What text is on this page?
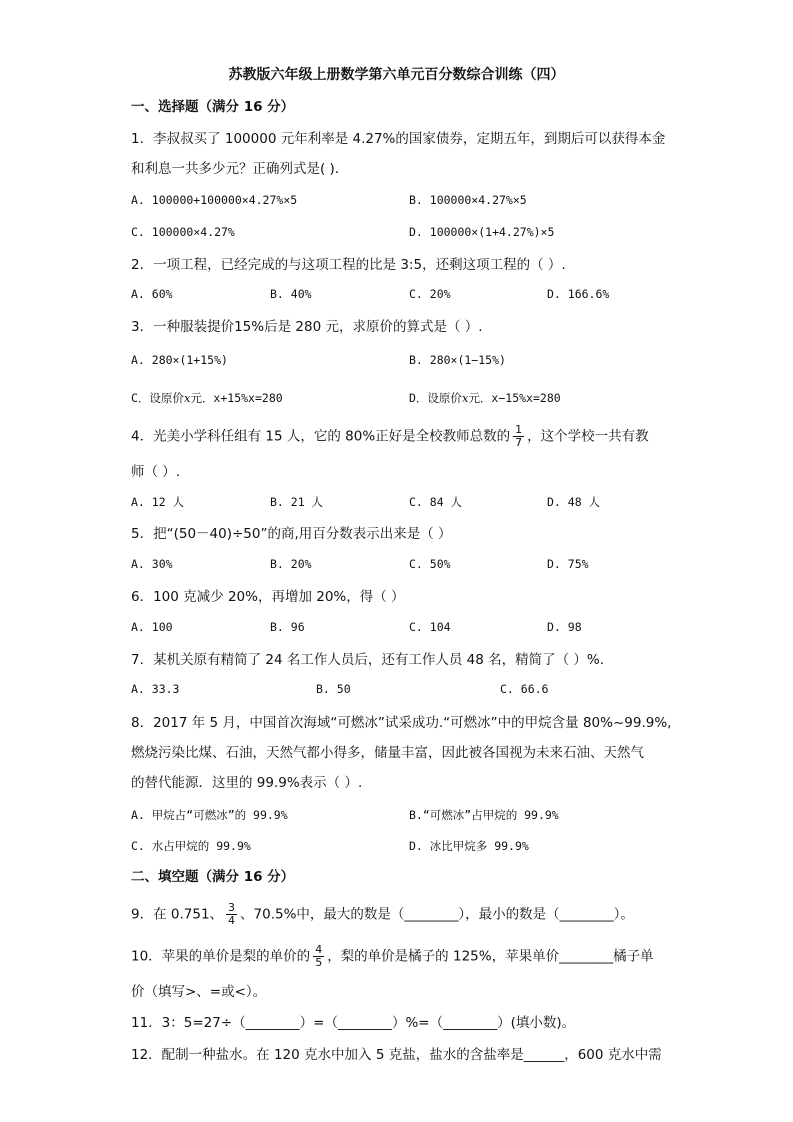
苏教版六年级上册数学第六单元百分数综合训练（四）
一、选择题（满分 16 分）
1．李叔叔买了 100000 元年利率是 4.27%的国家债券，定期五年，到期后可以获得本金
和利息一共多少元？正确列式是( )．
A. 100000+100000×4.27%×5	B. 100000×4.27%×5
C. 100000×4.27%	D. 100000×(1+4.27%)×5
2．一项工程，已经完成的与这项工程的比是 3:5，还剩这项工程的（ ）.
A. 60%	B. 40%	C. 20%	D. 166.6%
3．一种服装提价15%后是 280 元，求原价的算式是（ ）.
A. 280×(1+15%)	B. 280×(1−15%)
C．设原价x元．x+15%x=280	D．设原价x元．x−15%x=280
4．光美小学科任组有 15 人，它的 80%正好是全校教师总数的 $\frac{1}{7}$ ，这个学校一共有教
师（ ）.
A. 12 人	B. 21 人	C. 84 人	D. 48 人
5．把“(50－40)÷50”的商,用百分数表示出来是（ ）
A. 30%	B. 20%	C. 50%	D. 75%
6．100 克减少 20%，再增加 20%，得（ ）
A. 100	B. 96	C. 104	D. 98
7．某机关原有精简了 24 名工作人员后，还有工作人员 48 名，精简了（ ）%.
A. 33.3	B. 50	C. 66.6
8．2017 年 5 月，中国首次海域“可燃冰”试采成功.“可燃冰”中的甲烷含量 80%~99.9%,
燃烧污染比煤、石油，天然气都小得多，储量丰富，因此被各国视为未来石油、天然气
的替代能源．这里的 99.9%表示（ ）.
A. 甲烷占“可燃冰”的 99.9%	B.“可燃冰”占甲烷的 99.9%
C. 水占甲烷的 99.9%	D. 冰比甲烷多 99.9%
二、填空题（满分 16 分）
9．在 0.751、 $\frac{3}{4}$ 、70.5%中，最大的数是（________），最小的数是（________）。
10．苹果的单价是梨的单价的 $\frac{4}{5}$ ，梨的单价是橘子的 125%，苹果单价________橘子单
价（填写>、=或<）。
11．3：5=27÷（________）=（________）%=（________）(填小数)。
12．配制一种盐水。在 120 克水中加入 5 克盐，盐水的含盐率是______，600 克水中需
